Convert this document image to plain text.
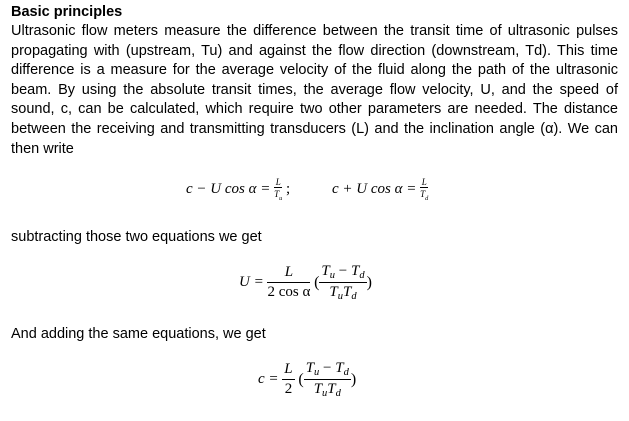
Basic principles
Ultrasonic flow meters measure the difference between the transit time of ultrasonic pulses propagating with (upstream, Tu) and against the flow direction (downstream, Td). This time difference is a measure for the average velocity of the fluid along the path of the ultrasonic beam. By using the absolute transit times, the average flow velocity, U, and the speed of sound, c, can be calculated, which require two other parameters are needed. The distance between the receiving and transmitting transducers (L) and the inclination angle (α). We can then write
c − U $\cos \alpha = \frac{L}{T_u}$ ;	c + U $\cos \alpha = \frac{L}{T_d}$
subtracting those two equations we get
$U = \frac{L}{\text{2 cos α}}$ ( $\frac{T_u - T_d}{T_uT_d}$ )
And adding the same equations, we get
$c = \frac{L}{2}$ ( $\frac{T_u - T_d}{T_uT_d}$ )
